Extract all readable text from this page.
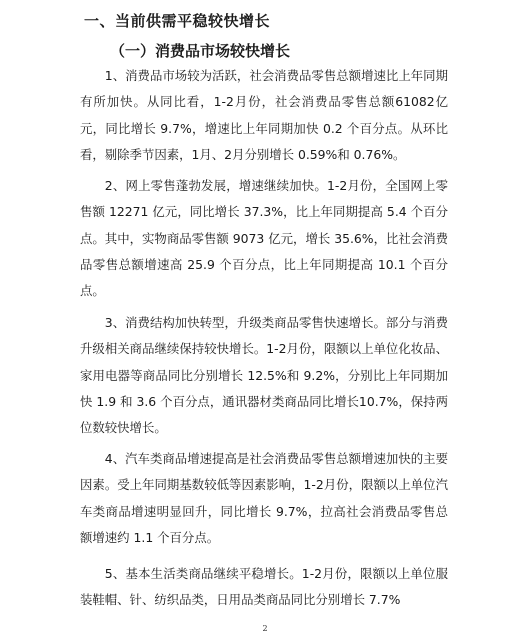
一、当前供需平稳较快增长
（一）消费品市场较快增长

1、消费品市场较为活跃，社会消费品零售总额增速比上年同期有所加快。从同比看，1-2月份，社会消费品零售总额61082亿元，同比增长 9.7%，增速比上年同期加快 0.2 个百分点。从环比看，剔除季节因素，1月、2月分别增长 0.59%和 0.76%。

2、网上零售蓬勃发展，增速继续加快。1-2月份，全国网上零售额 12271 亿元，同比增长 37.3%，比上年同期提高 5.4 个百分点。其中，实物商品零售额 9073 亿元，增长 35.6%，比社会消费品零售总额增速高 25.9 个百分点，比上年同期提高 10.1 个百分点。

3、消费结构加快转型，升级类商品零售快速增长。部分与消费升级相关商品继续保持较快增长。1-2月份，限额以上单位化妆品、家用电器等商品同比分别增长 12.5%和 9.2%，分别比上年同期加快 1.9 和 3.6 个百分点，通讯器材类商品同比增长10.7%，保持两位数较快增长。

4、汽车类商品增速提高是社会消费品零售总额增速加快的主要因素。受上年同期基数较低等因素影响，1-2月份，限额以上单位汽车类商品增速明显回升，同比增长 9.7%，拉高社会消费品零售总额增速约 1.1 个百分点。

5、基本生活类商品继续平稳增长。1-2月份，限额以上单位服装鞋帽、针、纺织品类，日用品类商品同比分别增长 7.7%

2
